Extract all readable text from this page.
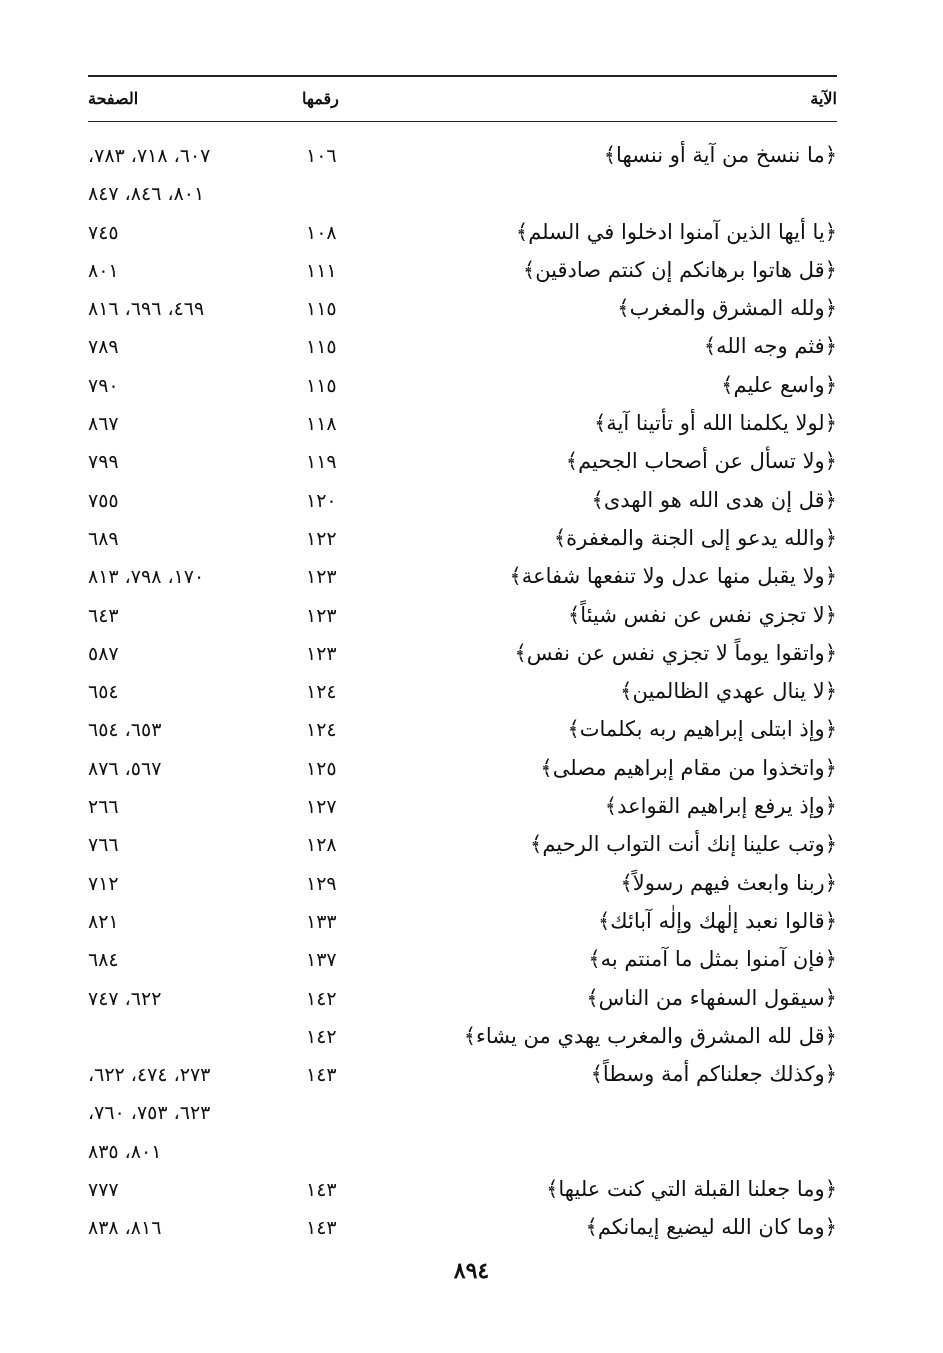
الآية
رقمها
الصفحة
﴿ما ننسخ من آية أو ننسها﴾
١٠٦
٦٠٧، ٧١٨، ٧٨٣،
٨٠١، ٨٤٦، ٨٤٧
﴿يا أيها الذين آمنوا ادخلوا في السلم﴾
١٠٨
٧٤٥
﴿قل هاتوا برهانكم إن كنتم صادقين﴾
١١١
٨٠١
﴿ولله المشرق والمغرب﴾
١١٥
٤٦٩، ٦٩٦، ٨١٦
﴿فثم وجه الله﴾
١١٥
٧٨٩
﴿واسع عليم﴾
١١٥
٧٩٠
﴿لولا يكلمنا الله أو تأتينا آية﴾
١١٨
٨٦٧
﴿ولا تسأل عن أصحاب الجحيم﴾
١١٩
٧٩٩
﴿قل إن هدى الله هو الهدى﴾
١٢٠
٧٥٥
﴿والله يدعو إلى الجنة والمغفرة﴾
١٢٢
٦٨٩
﴿ولا يقبل منها عدل ولا تنفعها شفاعة﴾
١٢٣
١٧٠، ٧٩٨، ٨١٣
﴿لا تجزي نفس عن نفس شيئاً﴾
١٢٣
٦٤٣
﴿واتقوا يوماً لا تجزي نفس عن نفس﴾
١٢٣
٥٨٧
﴿لا ينال عهدي الظالمين﴾
١٢٤
٦٥٤
﴿وإذ ابتلى إبراهيم ربه بكلمات﴾
١٢٤
٦٥٣، ٦٥٤
﴿واتخذوا من مقام إبراهيم مصلى﴾
١٢٥
٥٦٧، ٨٧٦
﴿وإذ يرفع إبراهيم القواعد﴾
١٢٧
٢٦٦
﴿وتب علينا إنك أنت التواب الرحيم﴾
١٢٨
٧٦٦
﴿ربنا وابعث فيهم رسولاً﴾
١٢٩
٧١٢
﴿قالوا نعبد إلٰهك وإلٰه آبائك﴾
١٣٣
٨٢١
﴿فإن آمنوا بمثل ما آمنتم به﴾
١٣٧
٦٨٤
﴿سيقول السفهاء من الناس﴾
١٤٢
٦٢٢، ٧٤٧
﴿قل لله المشرق والمغرب يهدي من يشاء﴾
١٤٢
﴿وكذلك جعلناكم أمة وسطاً﴾
١٤٣
٢٧٣، ٤٧٤، ٦٢٢،
٦٢٣، ٧٥٣، ٧٦٠،
٨٠١، ٨٣٥
﴿وما جعلنا القبلة التي كنت عليها﴾
١٤٣
٧٧٧
﴿وما كان الله ليضيع إيمانكم﴾
١٤٣
٨١٦، ٨٣٨
٨٩٤
